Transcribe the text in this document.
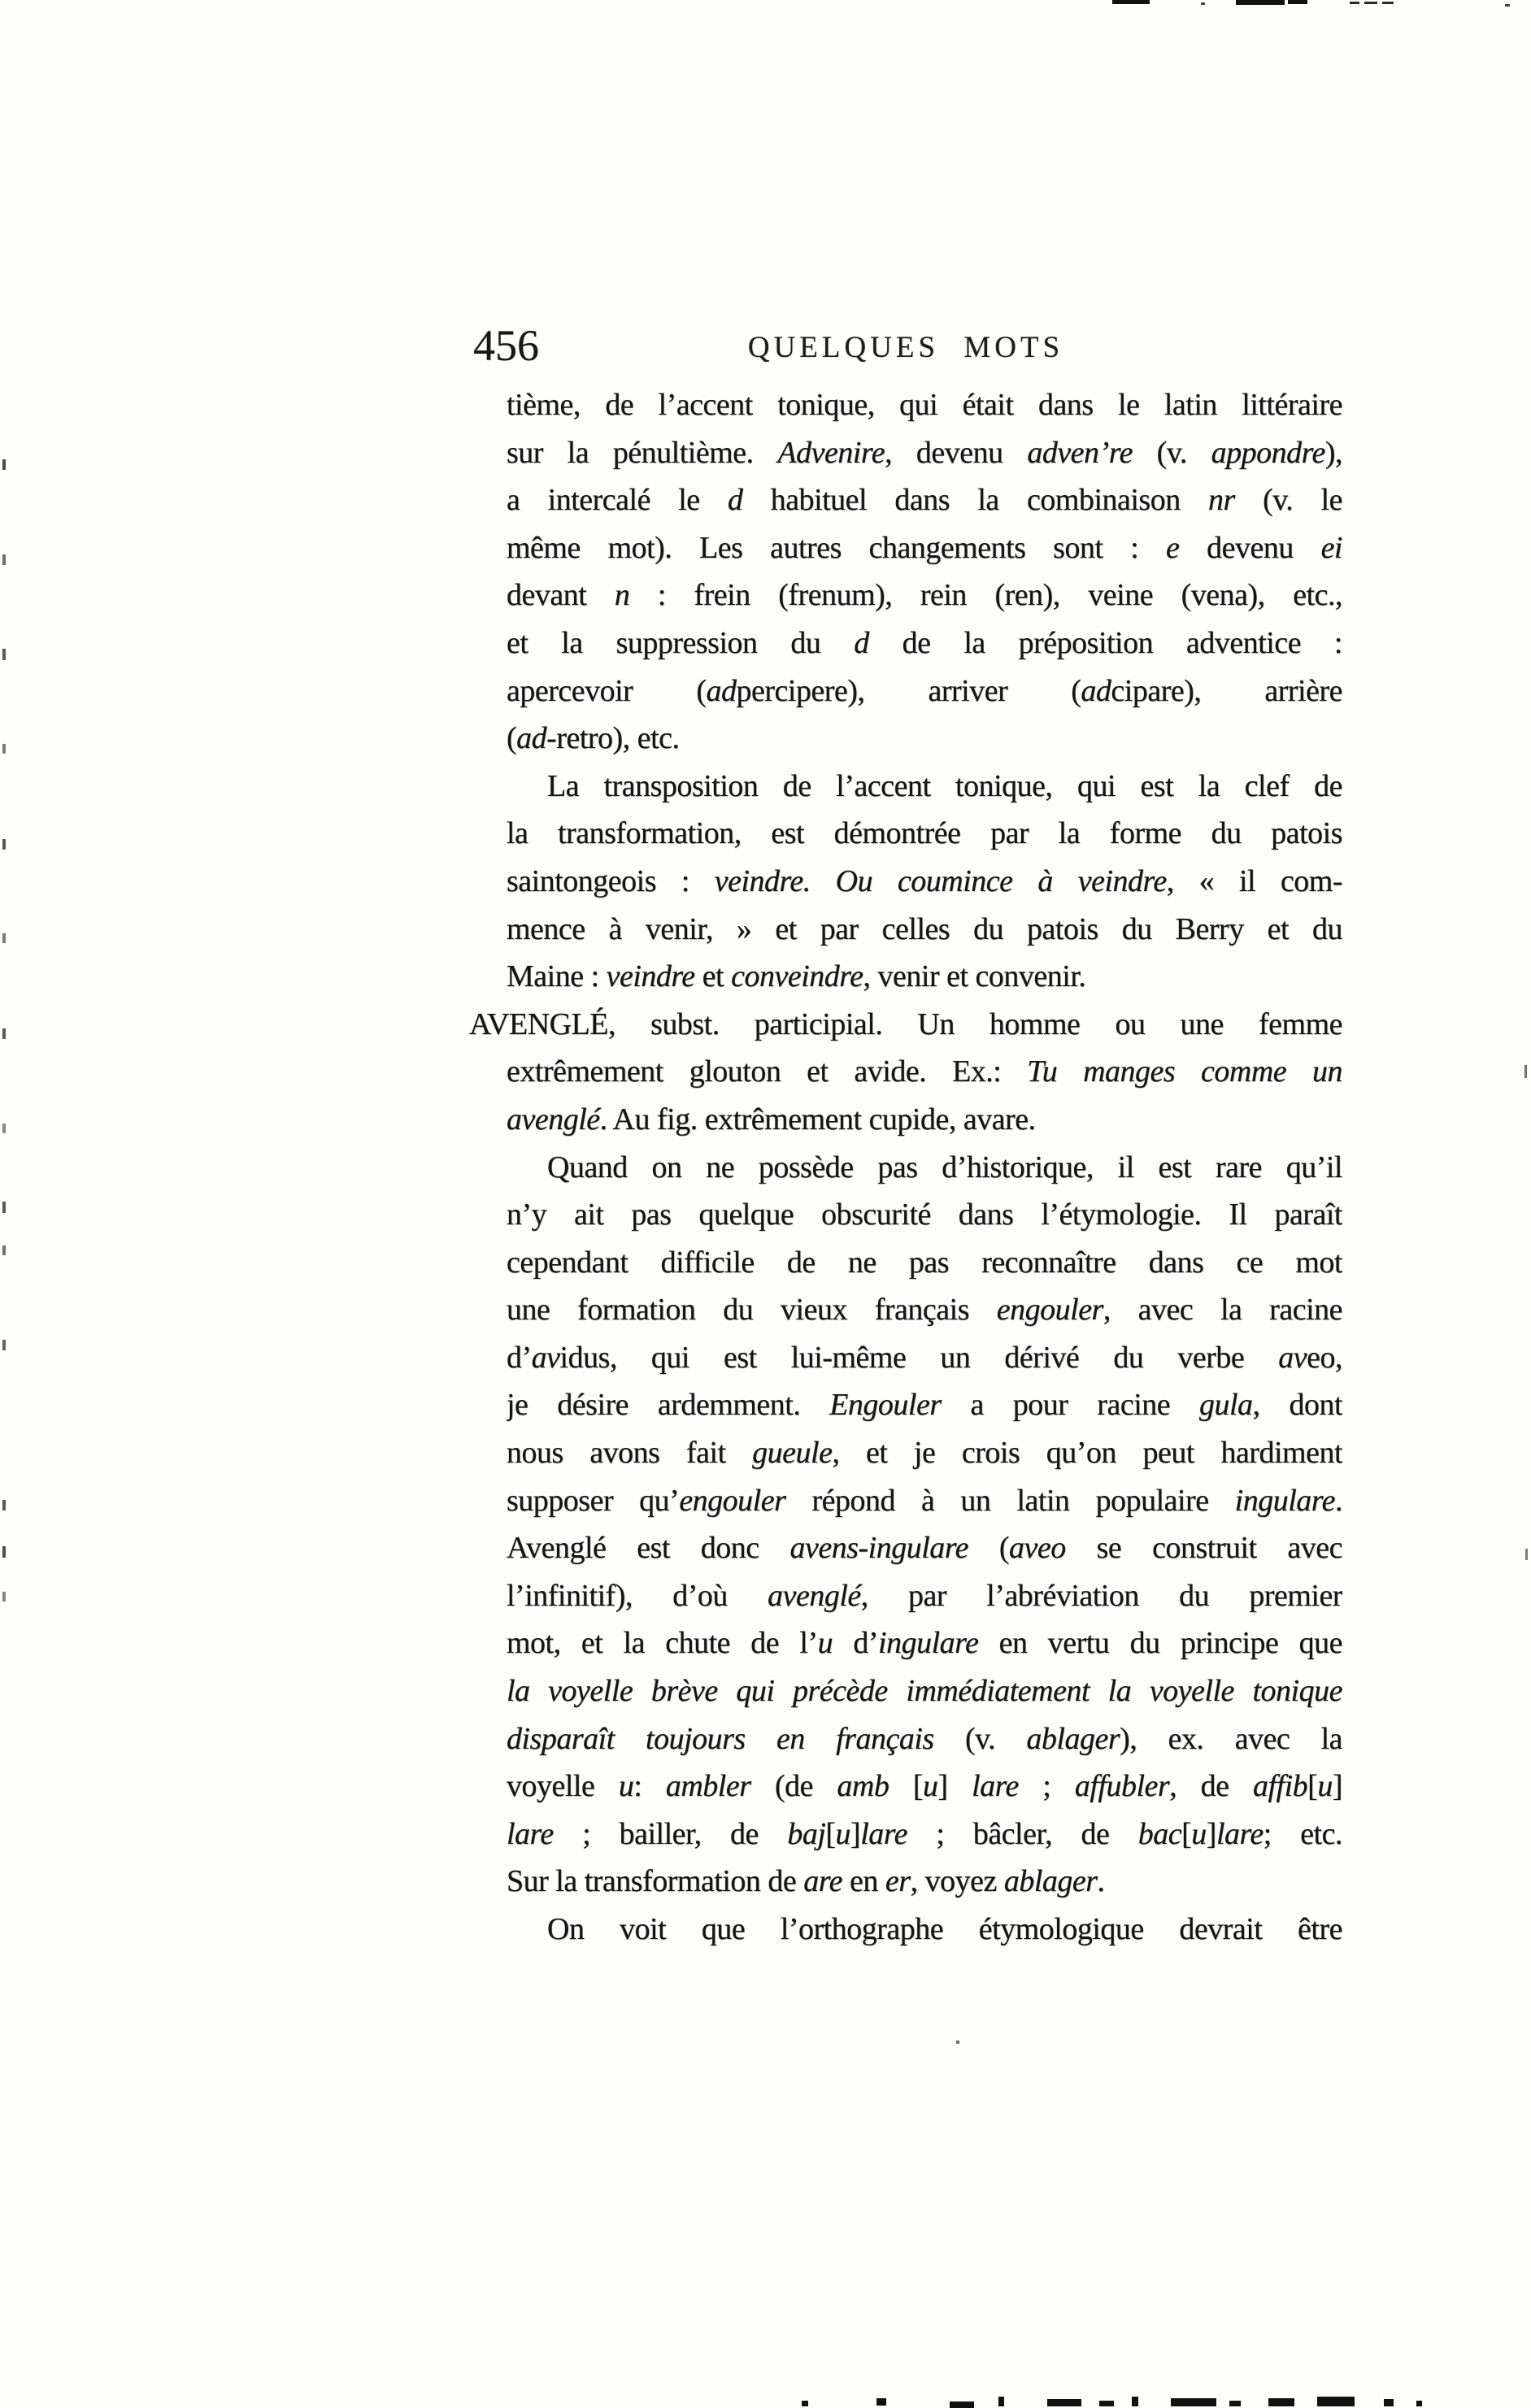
456	QUELQUES MOTS
tième, de l’accent tonique, qui était dans le latin littéraire
sur la pénultième. Advenire, devenu adven’re (v. appondre),
a intercalé le d habituel dans la combinaison nr (v. le
même mot). Les autres changements sont : e devenu ei
devant n : frein (frenum), rein (ren), veine (vena), etc.,
et la suppression du d de la préposition adventice :
apercevoir (adpercipere), arriver (adcipare), arrière
(ad-retro), etc.
La transposition de l’accent tonique, qui est la clef de
la transformation, est démontrée par la forme du patois
saintongeois : veindre. Ou coumince à veindre, « il com-
mence à venir, » et par celles du patois du Berry et du
Maine : veindre et conveindre, venir et convenir.
AVENGLÉ, subst. participial. Un homme ou une femme
extrêmement glouton et avide. Ex.: Tu manges comme un
avenglé. Au fig. extrêmement cupide, avare.
Quand on ne possède pas d’historique, il est rare qu’il
n’y ait pas quelque obscurité dans l’étymologie. Il paraît
cependant difficile de ne pas reconnaître dans ce mot
une formation du vieux français engouler, avec la racine
d’avidus, qui est lui-même un dérivé du verbe aveo,
je désire ardemment. Engouler a pour racine gula, dont
nous avons fait gueule, et je crois qu’on peut hardiment
supposer qu’engouler répond à un latin populaire ingulare.
Avenglé est donc avens-ingulare (aveo se construit avec
l’infinitif), d’où avenglé, par l’abréviation du premier
mot, et la chute de l’u d’ingulare en vertu du principe que
la voyelle brève qui précède immédiatement la voyelle tonique
disparaît toujours en français (v. ablager), ex. avec la
voyelle u: ambler (de amb [u] lare ; affubler, de affib[u]
lare ; bailler, de baj[u]lare ; bâcler, de bac[u]lare; etc.
Sur la transformation de are en er, voyez ablager.
On voit que l’orthographe étymologique devrait être
